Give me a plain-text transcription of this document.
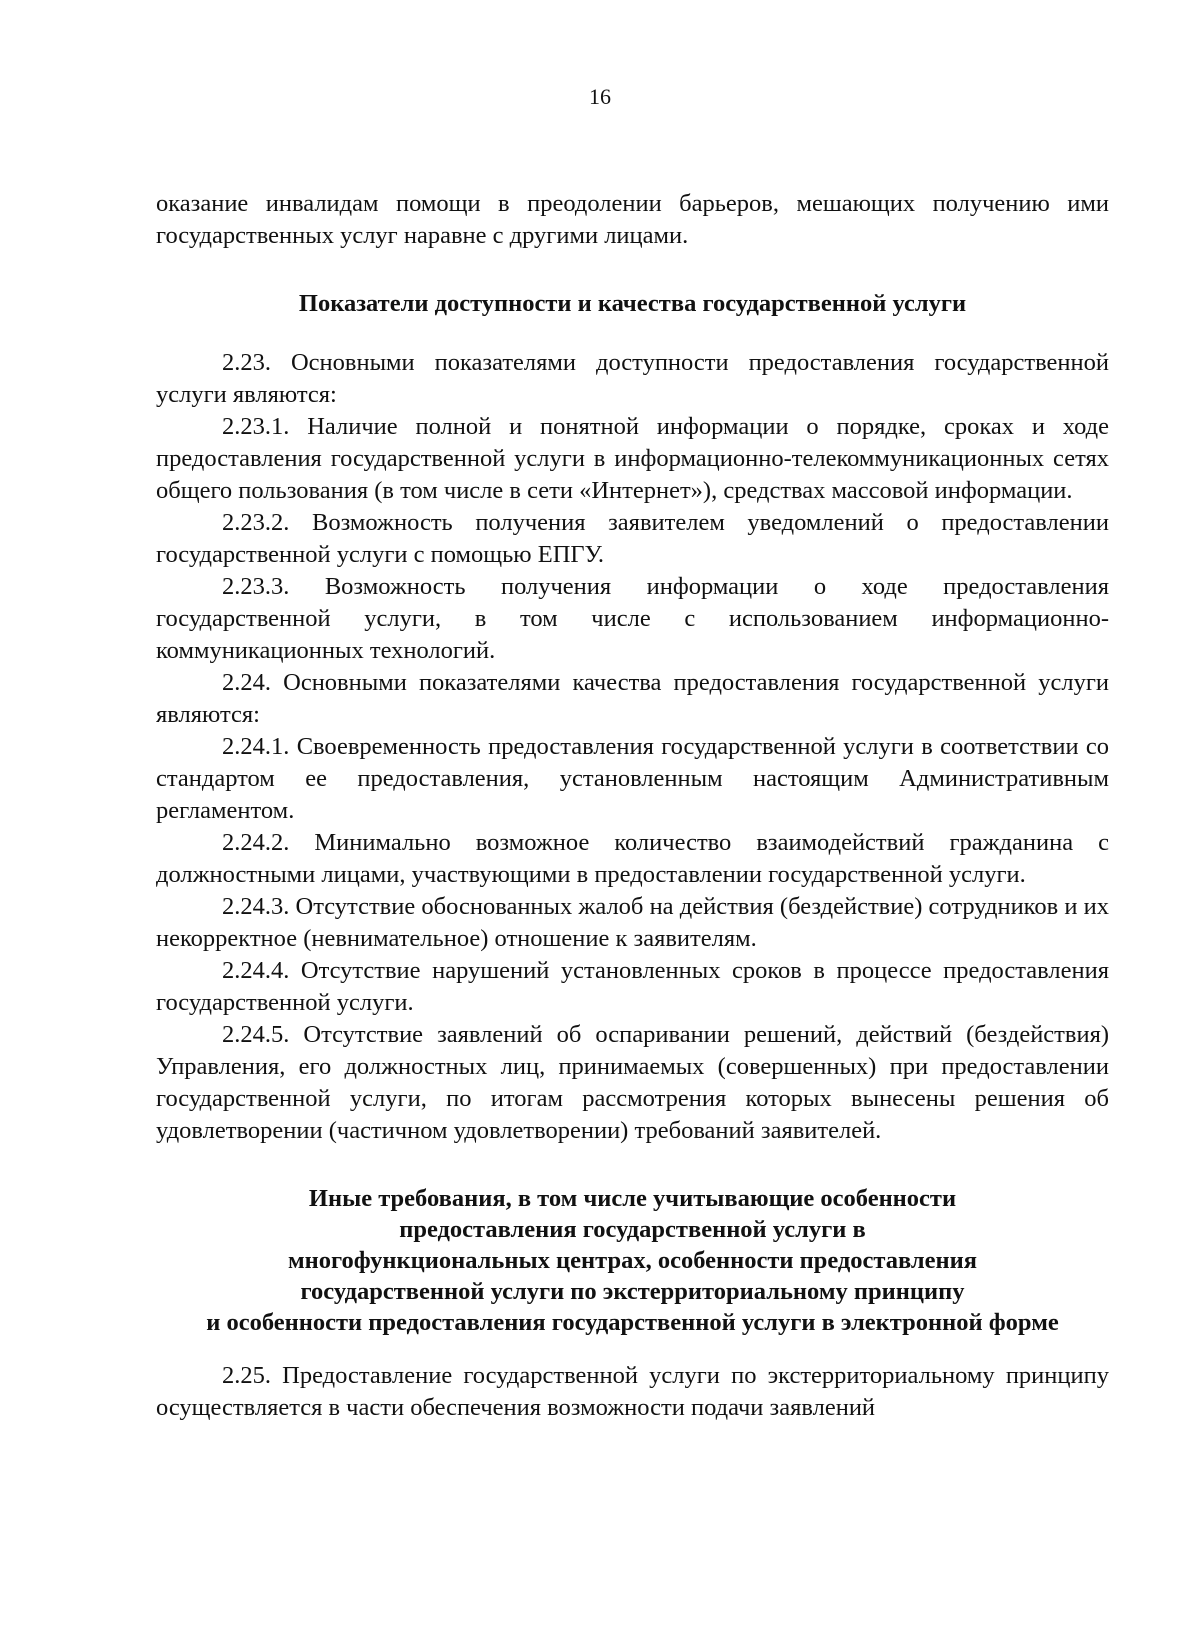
16

оказание инвалидам помощи в преодолении барьеров, мешающих получению ими государственных услуг наравне с другими лицами.

Показатели доступности и качества государственной услуги

2.23. Основными показателями доступности предоставления государственной услуги являются:

2.23.1. Наличие полной и понятной информации о порядке, сроках и ходе предоставления государственной услуги в информационно-телекоммуникационных сетях общего пользования (в том числе в сети «Интернет»), средствах массовой информации.

2.23.2. Возможность получения заявителем уведомлений о предоставлении государственной услуги с помощью ЕПГУ.

2.23.3. Возможность получения информации о ходе предоставления государственной услуги, в том числе с использованием информационно-коммуникационных технологий.

2.24. Основными показателями качества предоставления государственной услуги являются:

2.24.1. Своевременность предоставления государственной услуги в соответствии со стандартом ее предоставления, установленным настоящим Административным регламентом.

2.24.2. Минимально возможное количество взаимодействий гражданина с должностными лицами, участвующими в предоставлении государственной услуги.

2.24.3. Отсутствие обоснованных жалоб на действия (бездействие) сотрудников и их некорректное (невнимательное) отношение к заявителям.

2.24.4. Отсутствие нарушений установленных сроков в процессе предоставления государственной услуги.

2.24.5. Отсутствие заявлений об оспаривании решений, действий (бездействия) Управления, его должностных лиц, принимаемых (совершенных) при предоставлении государственной услуги, по итогам рассмотрения которых вынесены решения об удовлетворении (частичном удовлетворении) требований заявителей.

Иные требования, в том числе учитывающие особенности
предоставления государственной услуги в
многофункциональных центрах, особенности предоставления
государственной услуги по экстерриториальному принципу
и особенности предоставления государственной услуги в электронной форме

2.25. Предоставление государственной услуги по экстерриториальному принципу осуществляется в части обеспечения возможности подачи заявлений
